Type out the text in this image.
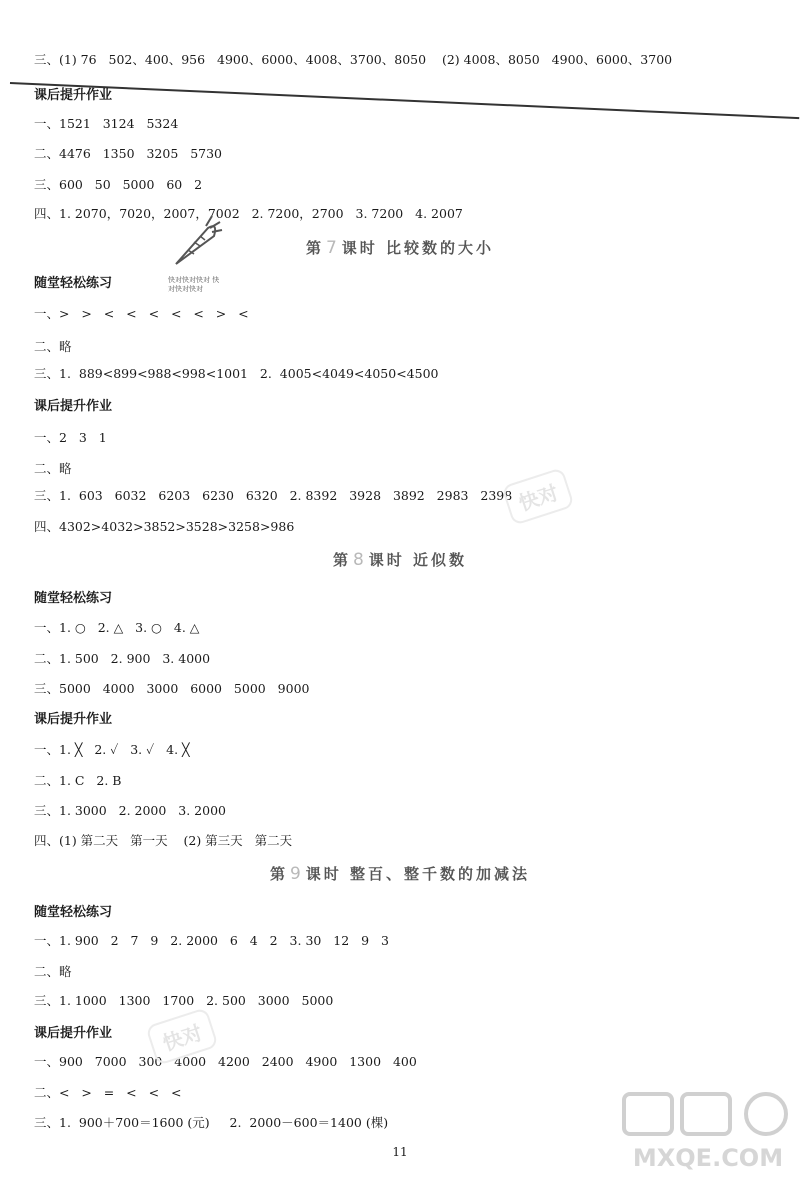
三、(1) 76   502、400、956   4900、6000、4008、3700、8050    (2) 4008、8050   4900、6000、3700
课后提升作业
一、1521   3124   5324
二、4476   1350   3205   5730
三、600   50   5000   60   2
四、1. 2070，7020，2007，7002   2. 7200，2700   3. 7200   4. 2007
第 7 课时 比较数的大小
随堂轻松练习	快对快对快对 快对快对快对
一、>   >   <   <   <   <   <   >   <
二、略
三、1.  889<899<988<998<1001   2.  4005<4049<4050<4500
课后提升作业
一、2   3   1
二、略
三、1.  603   6032   6203   6230   6320   2. 8392   3928   3892   2983   2398
四、4302>4032>3852>3528>3258>986
快对
第 8 课时 近似数
随堂轻松练习
一、1. ○   2. △   3. ○   4. △
二、1. 500   2. 900   3. 4000
三、5000   4000   3000   6000   5000   9000
课后提升作业
一、1. ╳   2. ✓   3. ✓   4. ╳
二、1. C   2. B
三、1. 3000   2. 2000   3. 2000
四、(1) 第二天   第一天    (2) 第三天   第二天
第 9 课时 整百、整千数的加减法
随堂轻松练习
一、1. 900   2   7   9   2. 2000   6   4   2   3. 30   12   9   3
二、略
三、1. 1000   1300   1700   2. 500   3000   5000
课后提升作业
一、900   7000   300   4000   4200   2400   4900   1300   400
二、<   >   =   <   <   <
三、1.  900＋700＝1600 (元)     2.  2000－600＝1400 (棵)
快对
11	MXQE.COM
